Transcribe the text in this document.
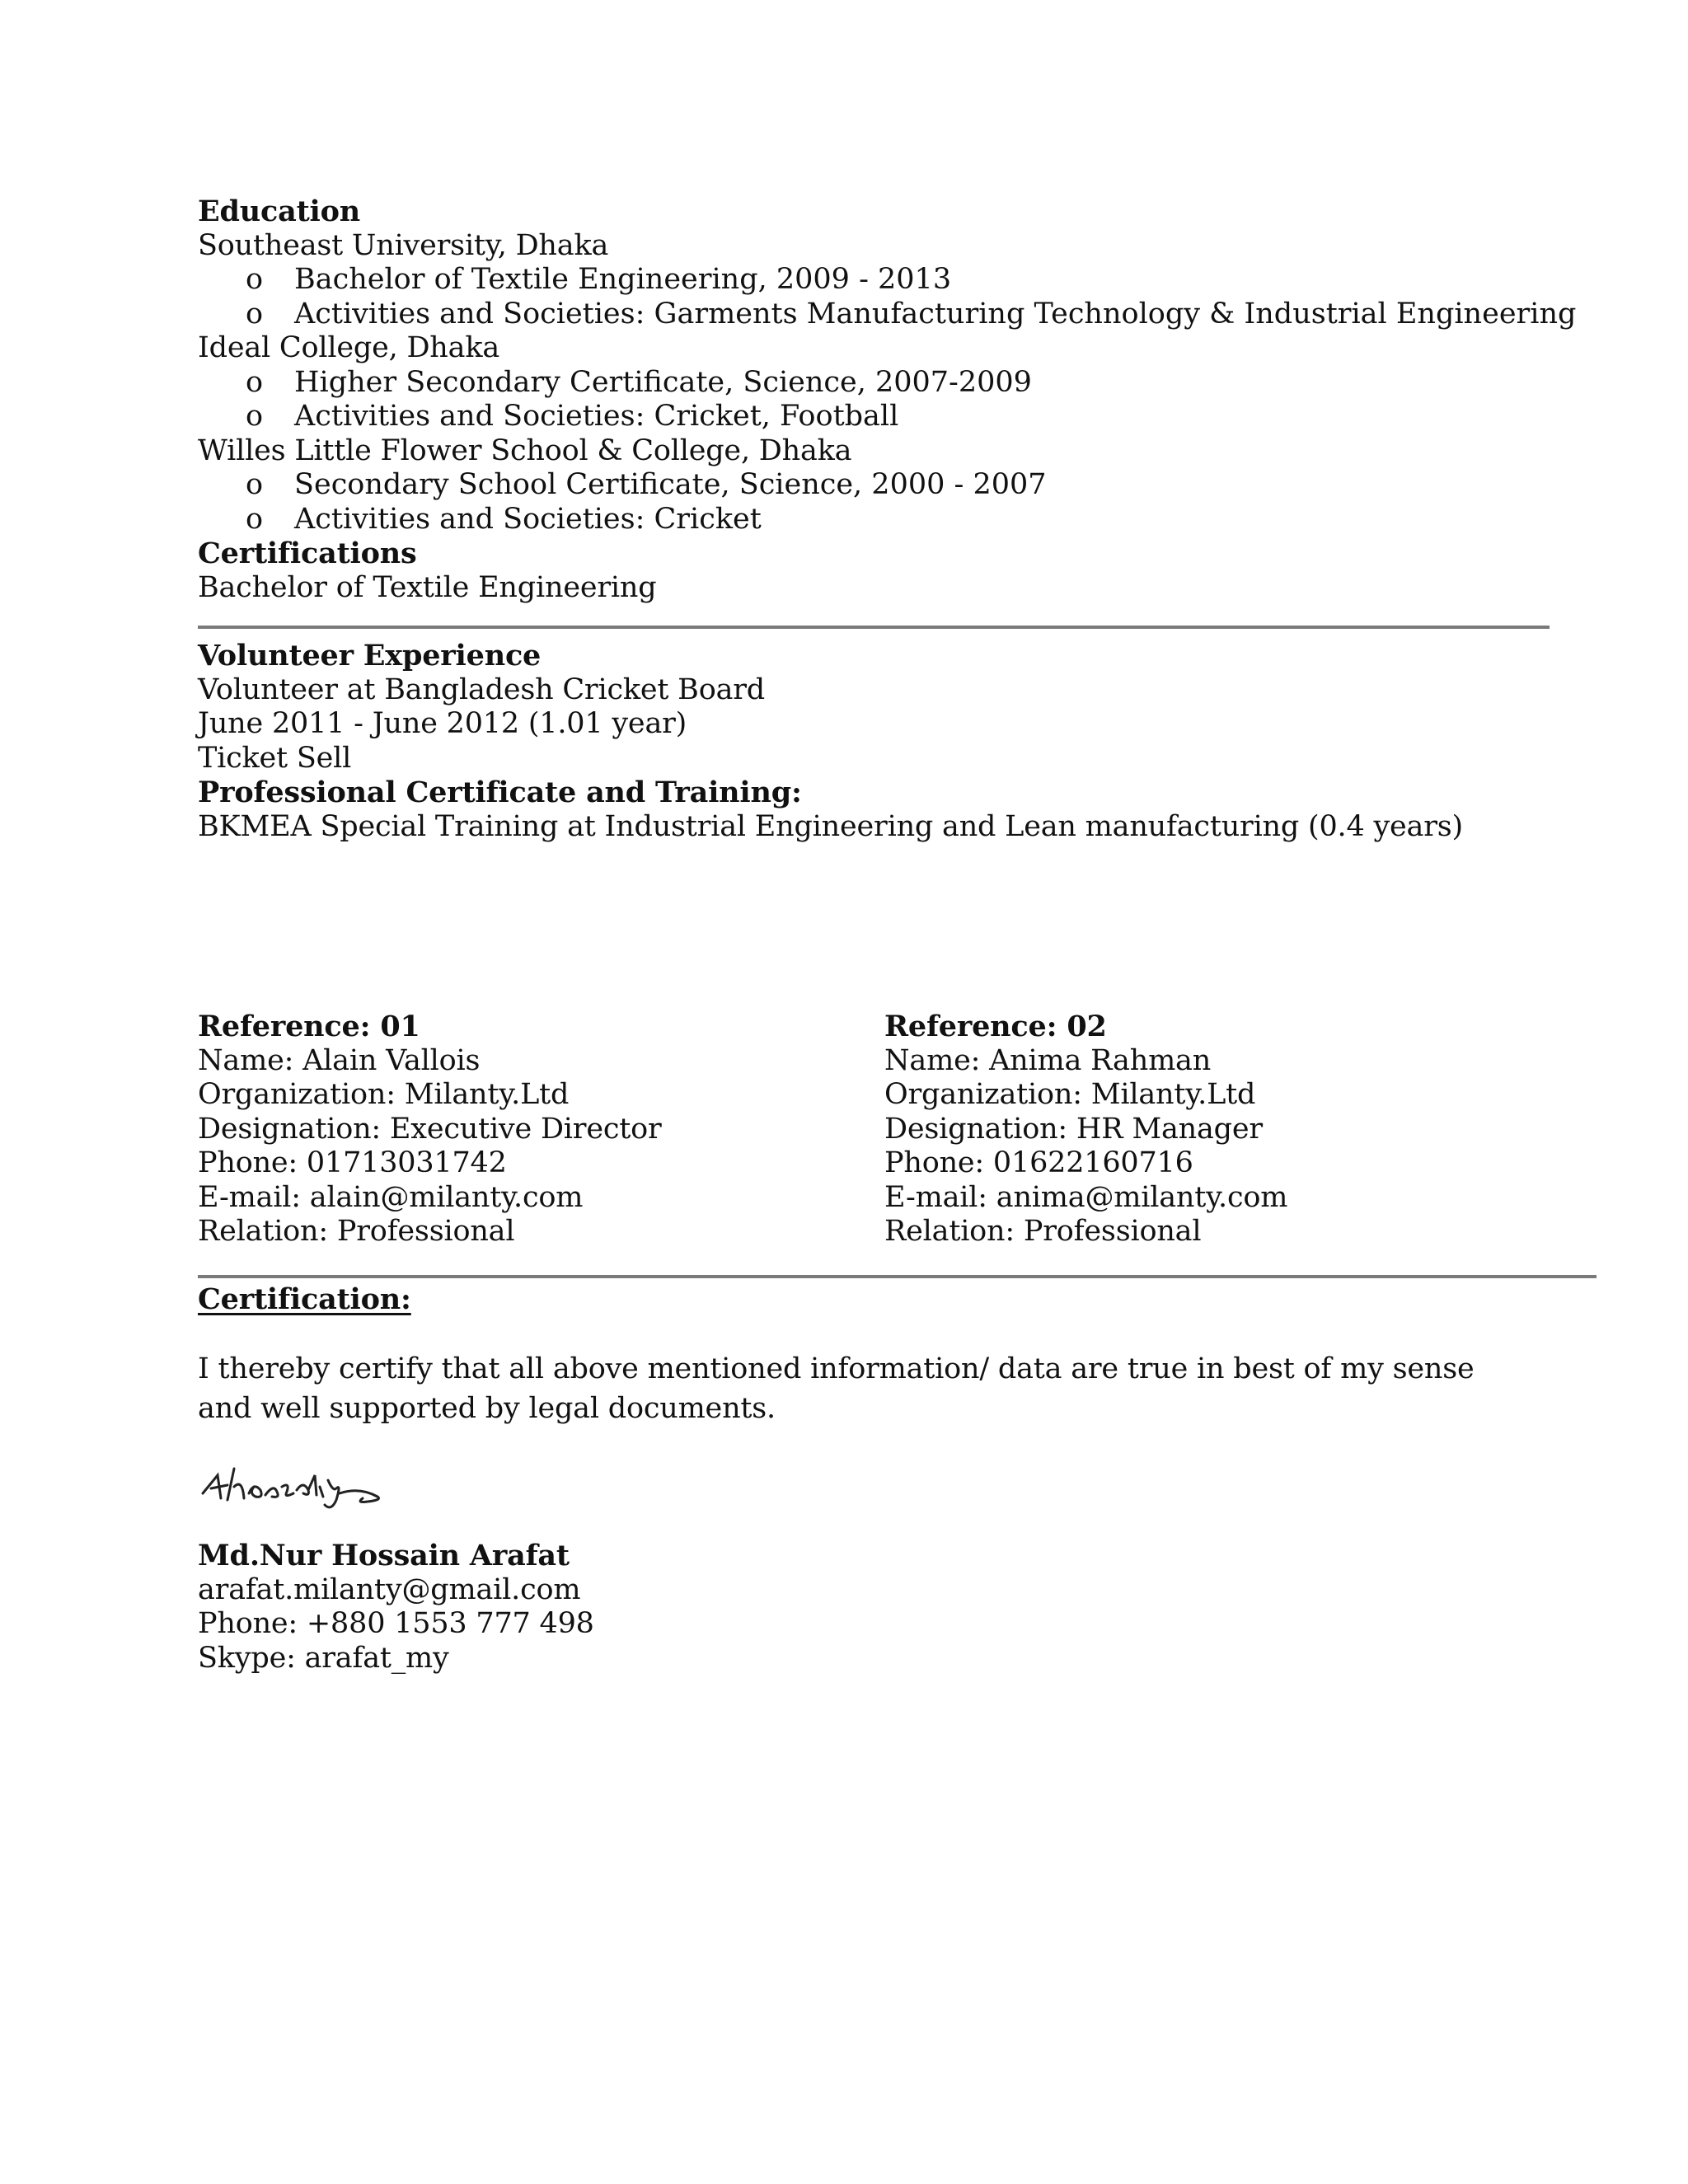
Education
Southeast University, Dhaka
o Bachelor of Textile Engineering, 2009 - 2013
o Activities and Societies: Garments Manufacturing Technology & Industrial Engineering
Ideal College, Dhaka
o Higher Secondary Certificate, Science, 2007-2009
o Activities and Societies: Cricket, Football
Willes Little Flower School & College, Dhaka
o Secondary School Certificate, Science, 2000 - 2007
o Activities and Societies: Cricket
Certifications
Bachelor of Textile Engineering
Volunteer Experience
Volunteer at Bangladesh Cricket Board
June 2011 - June 2012 (1.01 year)
Ticket Sell
Professional Certificate and Training:
BKMEA Special Training at Industrial Engineering and Lean manufacturing (0.4 years)
Reference: 01
Name: Alain Vallois
Organization: Milanty.Ltd
Designation: Executive Director
Phone: 01713031742
E-mail: alain@milanty.com
Relation: Professional
Reference: 02
Name: Anima Rahman
Organization: Milanty.Ltd
Designation: HR Manager
Phone: 01622160716
E-mail: anima@milanty.com
Relation: Professional
Certification:
I thereby certify that all above mentioned information/ data are true in best of my sense and well supported by legal documents.
Md.Nur Hossain Arafat
arafat.milanty@gmail.com
Phone: +880 1553 777 498
Skype: arafat_my
